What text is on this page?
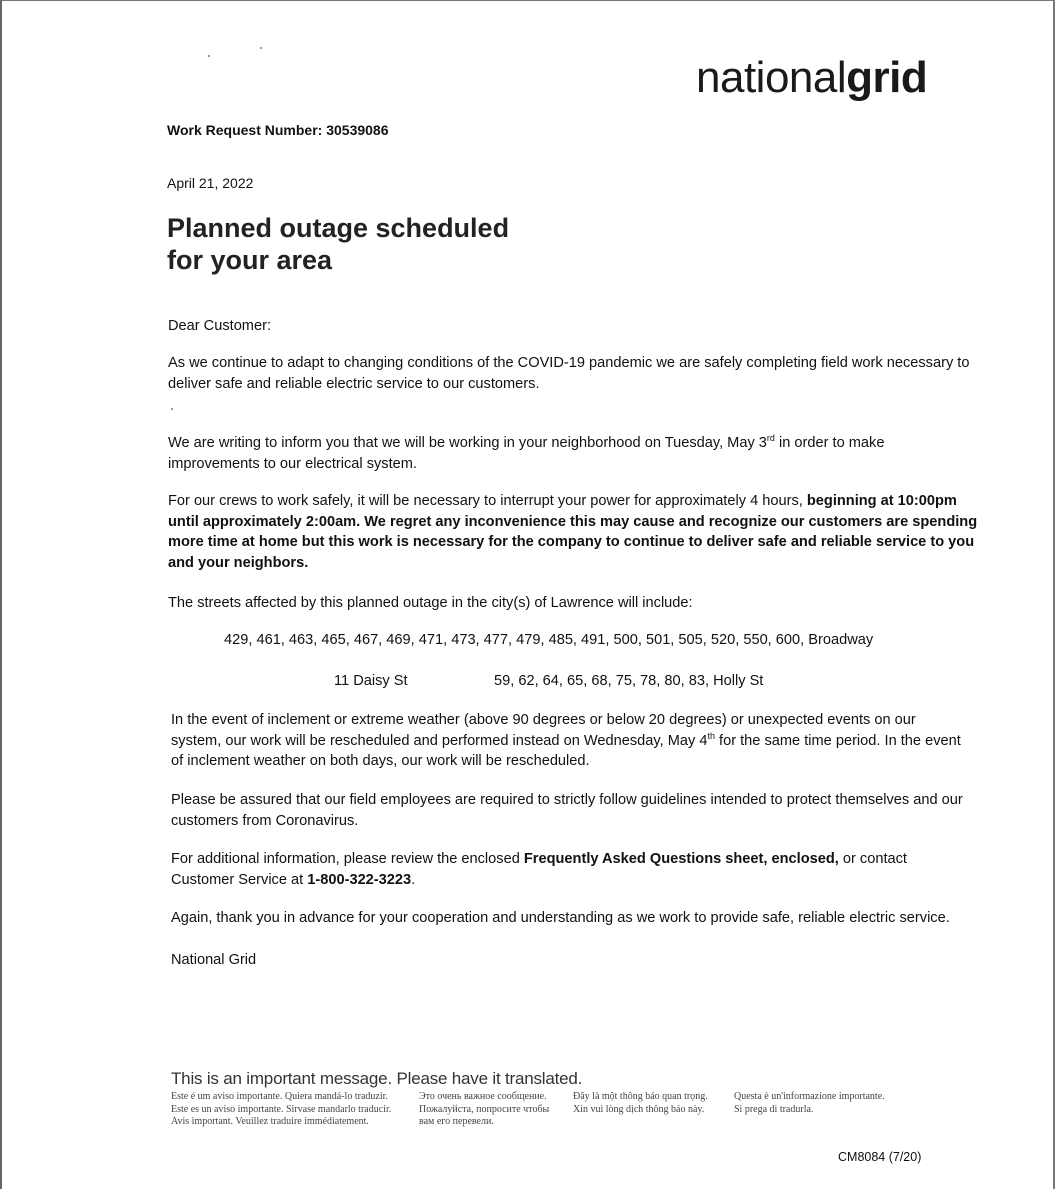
nationalgrid
Work Request Number: 30539086
April 21, 2022
Planned outage scheduled
for your area

Dear Customer:

As we continue to adapt to changing conditions of the COVID-19 pandemic we are safely completing field work necessary to deliver safe and reliable electric service to our customers.

We are writing to inform you that we will be working in your neighborhood on Tuesday, May 3rd in order to make improvements to our electrical system.

For our crews to work safely, it will be necessary to interrupt your power for approximately 4 hours, beginning at 10:00pm until approximately 2:00am. We regret any inconvenience this may cause and recognize our customers are spending more time at home but this work is necessary for the company to continue to deliver safe and reliable service to you and your neighbors.

The streets affected by this planned outage in the city(s) of Lawrence will include:

429, 461, 463, 465, 467, 469, 471, 473, 477, 479, 485, 491, 500, 501, 505, 520, 550, 600, Broadway
11 Daisy St	59, 62, 64, 65, 68, 75, 78, 80, 83, Holly St

In the event of inclement or extreme weather (above 90 degrees or below 20 degrees) or unexpected events on our system, our work will be rescheduled and performed instead on Wednesday, May 4th for the same time period. In the event of inclement weather on both days, our work will be rescheduled.

Please be assured that our field employees are required to strictly follow guidelines intended to protect themselves and our customers from Coronavirus.

For additional information, please review the enclosed Frequently Asked Questions sheet, enclosed, or contact Customer Service at 1-800-322-3223.

Again, thank you in advance for your cooperation and understanding as we work to provide safe, reliable electric service.

National Grid

This is an important message. Please have it translated.
Este é um aviso importante. Quiera mandá-lo traduzir.
Este es un aviso importante. Sirvase mandarlo traducir.
Avis important. Veuillez traduire immédiatement.
Это очень важное сообщение.
Пожалуйста, попросите чтобы
вам его перевели.
Đây là một thông báo quan trọng.
Xin vui lòng dịch thông báo này.
Questa è un'informazione importante.
Si prega di tradurla.
CM8084 (7/20)
